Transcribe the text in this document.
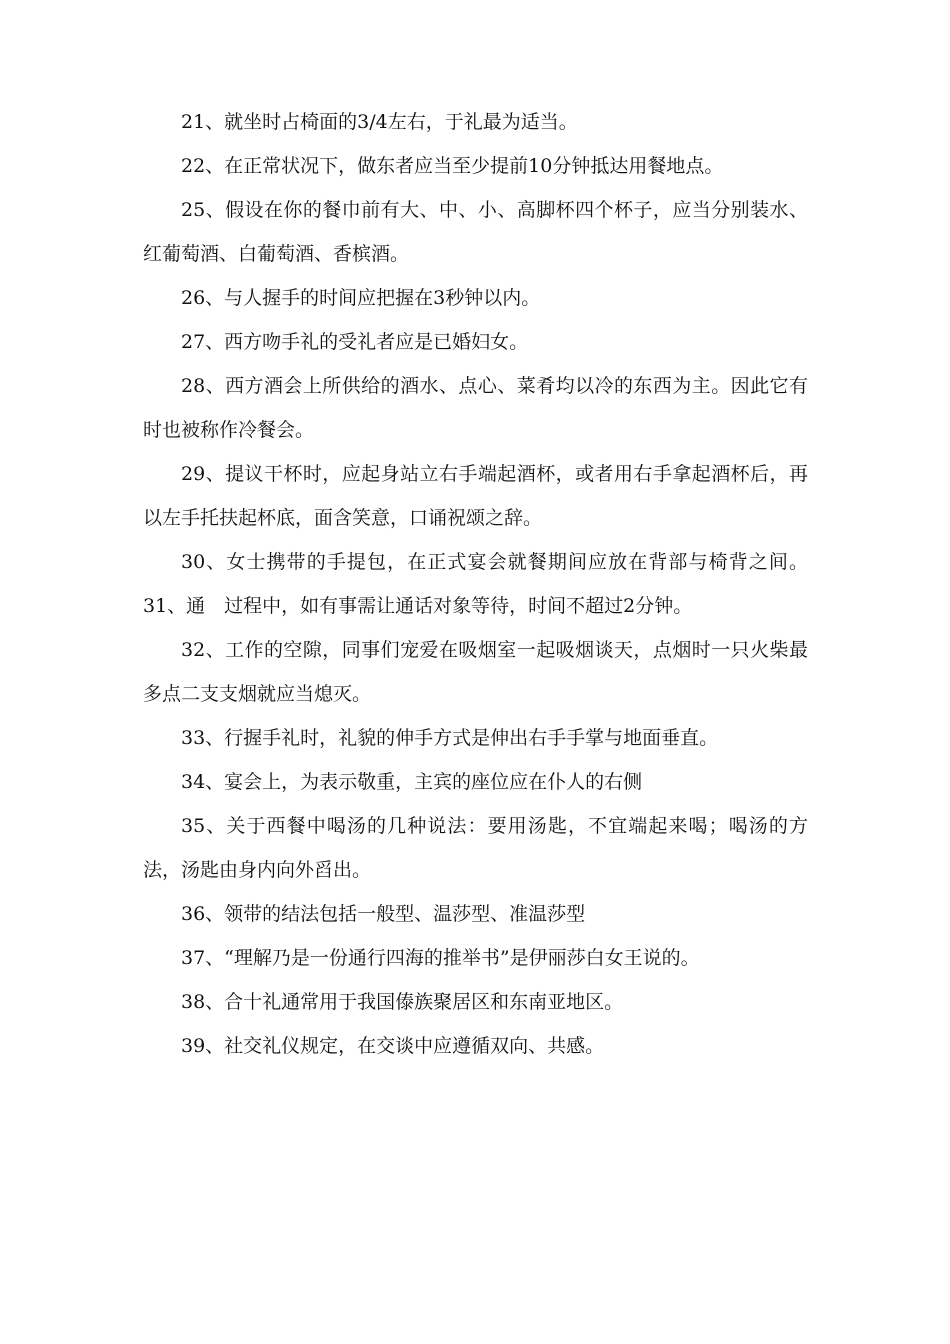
21、就坐时占椅面的3/4左右，于礼最为适当。

22、在正常状况下，做东者应当至少提前10分钟抵达用餐地点。

25、假设在你的餐巾前有大、中、小、高脚杯四个杯子，应当分别装水、红葡萄酒、白葡萄酒、香槟酒。

26、与人握手的时间应把握在3秒钟以内。

27、西方吻手礼的受礼者应是已婚妇女。

28、西方酒会上所供给的酒水、点心、菜肴均以冷的东西为主。因此它有时也被称作冷餐会。

29、提议干杯时，应起身站立右手端起酒杯，或者用右手拿起酒杯后，再以左手托扶起杯底，面含笑意，口诵祝颂之辞。

30、女士携带的手提包，在正式宴会就餐期间应放在背部与椅背之间。31、通　过程中，如有事需让通话对象等待，时间不超过2分钟。

32、工作的空隙，同事们宠爱在吸烟室一起吸烟谈天，点烟时一只火柴最多点二支支烟就应当熄灭。

33、行握手礼时，礼貌的伸手方式是伸出右手手掌与地面垂直。

34、宴会上，为表示敬重，主宾的座位应在仆人的右侧

35、关于西餐中喝汤的几种说法：要用汤匙，不宜端起来喝；喝汤的方法，汤匙由身内向外舀出。

36、领带的结法包括一般型、温莎型、准温莎型

37、“理解乃是一份通行四海的推举书”是伊丽莎白女王说的。

38、合十礼通常用于我国傣族聚居区和东南亚地区。

39、社交礼仪规定，在交谈中应遵循双向、共感。
